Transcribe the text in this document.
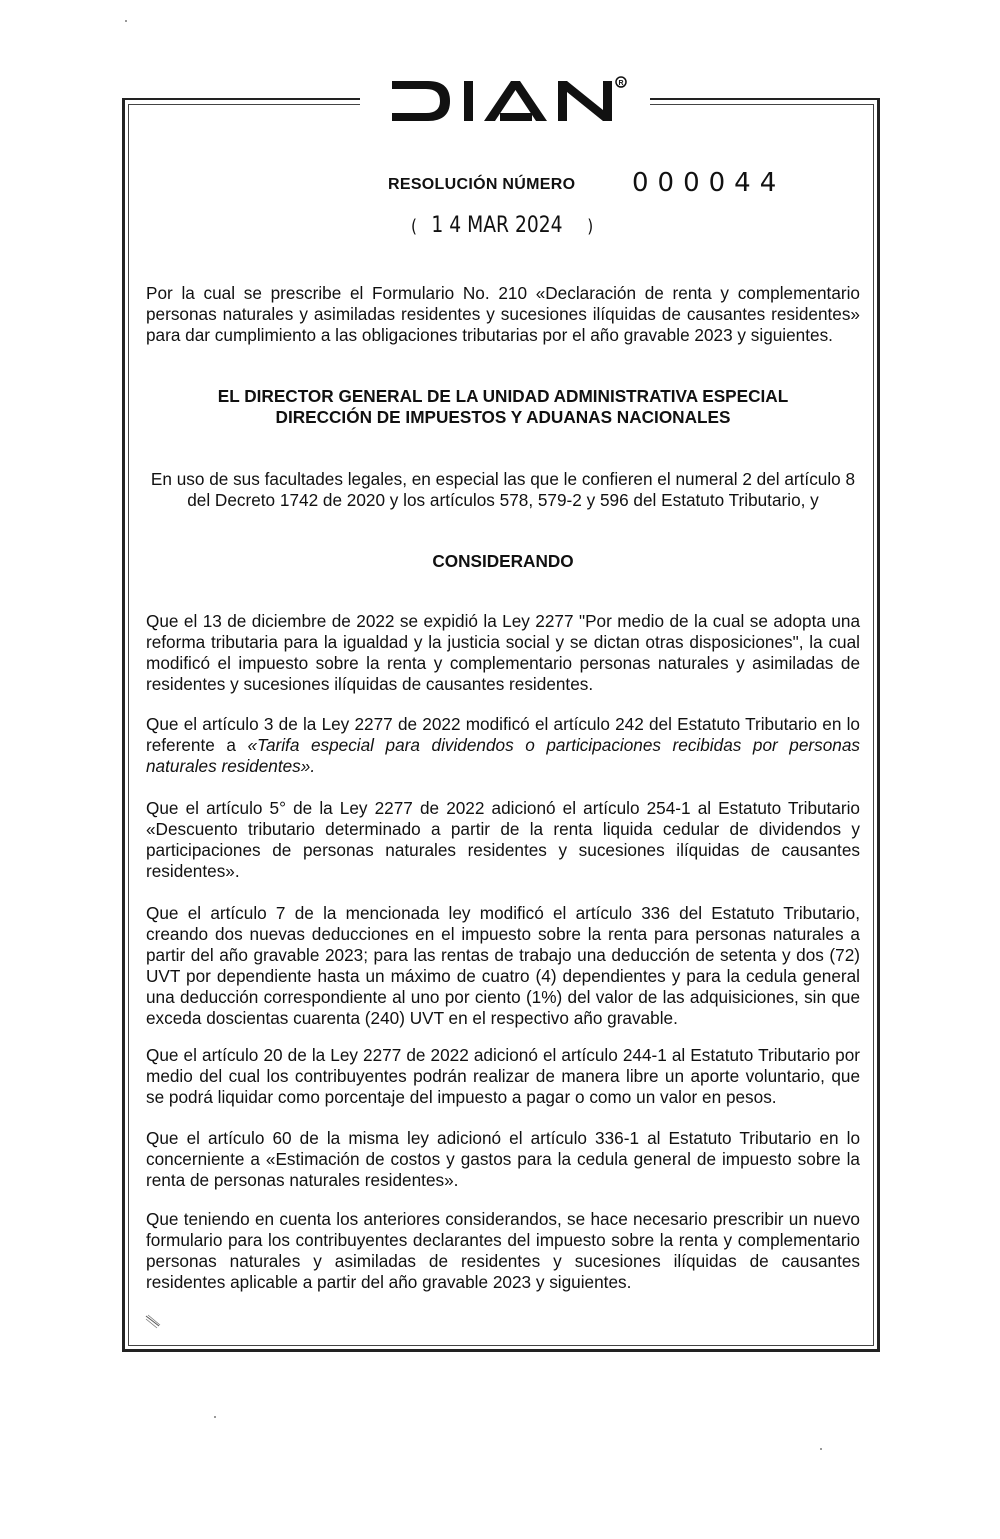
R
RESOLUCIÓN NÚMERO 000044
( 1 4 MAR 2024 )
Por la cual se prescribe el Formulario No. 210 «Declaración de renta y complementario personas naturales y asimiladas residentes y sucesiones ilíquidas de causantes residentes» para dar cumplimiento a las obligaciones tributarias por el año gravable 2023 y siguientes.
EL DIRECTOR GENERAL DE LA UNIDAD ADMINISTRATIVA ESPECIAL
DIRECCIÓN DE IMPUESTOS Y ADUANAS NACIONALES
En uso de sus facultades legales, en especial las que le confieren el numeral 2 del artículo 8 del Decreto 1742 de 2020 y los artículos 578, 579-2 y 596 del Estatuto Tributario, y
CONSIDERANDO
Que el 13 de diciembre de 2022 se expidió la Ley 2277 "Por medio de la cual se adopta una reforma tributaria para la igualdad y la justicia social y se dictan otras disposiciones", la cual modificó el impuesto sobre la renta y complementario personas naturales y asimiladas de residentes y sucesiones ilíquidas de causantes residentes.
Que el artículo 3 de la Ley 2277 de 2022 modificó el artículo 242 del Estatuto Tributario en lo referente a «Tarifa especial para dividendos o participaciones recibidas por personas naturales residentes».
Que el artículo 5° de la Ley 2277 de 2022 adicionó el artículo 254-1 al Estatuto Tributario «Descuento tributario determinado a partir de la renta liquida cedular de dividendos y participaciones de personas naturales residentes y sucesiones ilíquidas de causantes residentes».
Que el artículo 7 de la mencionada ley modificó el artículo 336 del Estatuto Tributario, creando dos nuevas deducciones en el impuesto sobre la renta para personas naturales a partir del año gravable 2023; para las rentas de trabajo una deducción de setenta y dos (72) UVT por dependiente hasta un máximo de cuatro (4) dependientes y para la cedula general una deducción correspondiente al uno por ciento (1%) del valor de las adquisiciones, sin que exceda doscientas cuarenta (240) UVT en el respectivo año gravable.
Que el artículo 20 de la Ley 2277 de 2022 adicionó el artículo 244-1 al Estatuto Tributario por medio del cual los contribuyentes podrán realizar de manera libre un aporte voluntario, que se podrá liquidar como porcentaje del impuesto a pagar o como un valor en pesos.
Que el artículo 60 de la misma ley adicionó el artículo 336-1 al Estatuto Tributario en lo concerniente a «Estimación de costos y gastos para la cedula general de impuesto sobre la renta de personas naturales residentes».
Que teniendo en cuenta los anteriores considerandos, se hace necesario prescribir un nuevo formulario para los contribuyentes declarantes del impuesto sobre la renta y complementario personas naturales y asimiladas de residentes y sucesiones ilíquidas de causantes residentes aplicable a partir del año gravable 2023 y siguientes.
